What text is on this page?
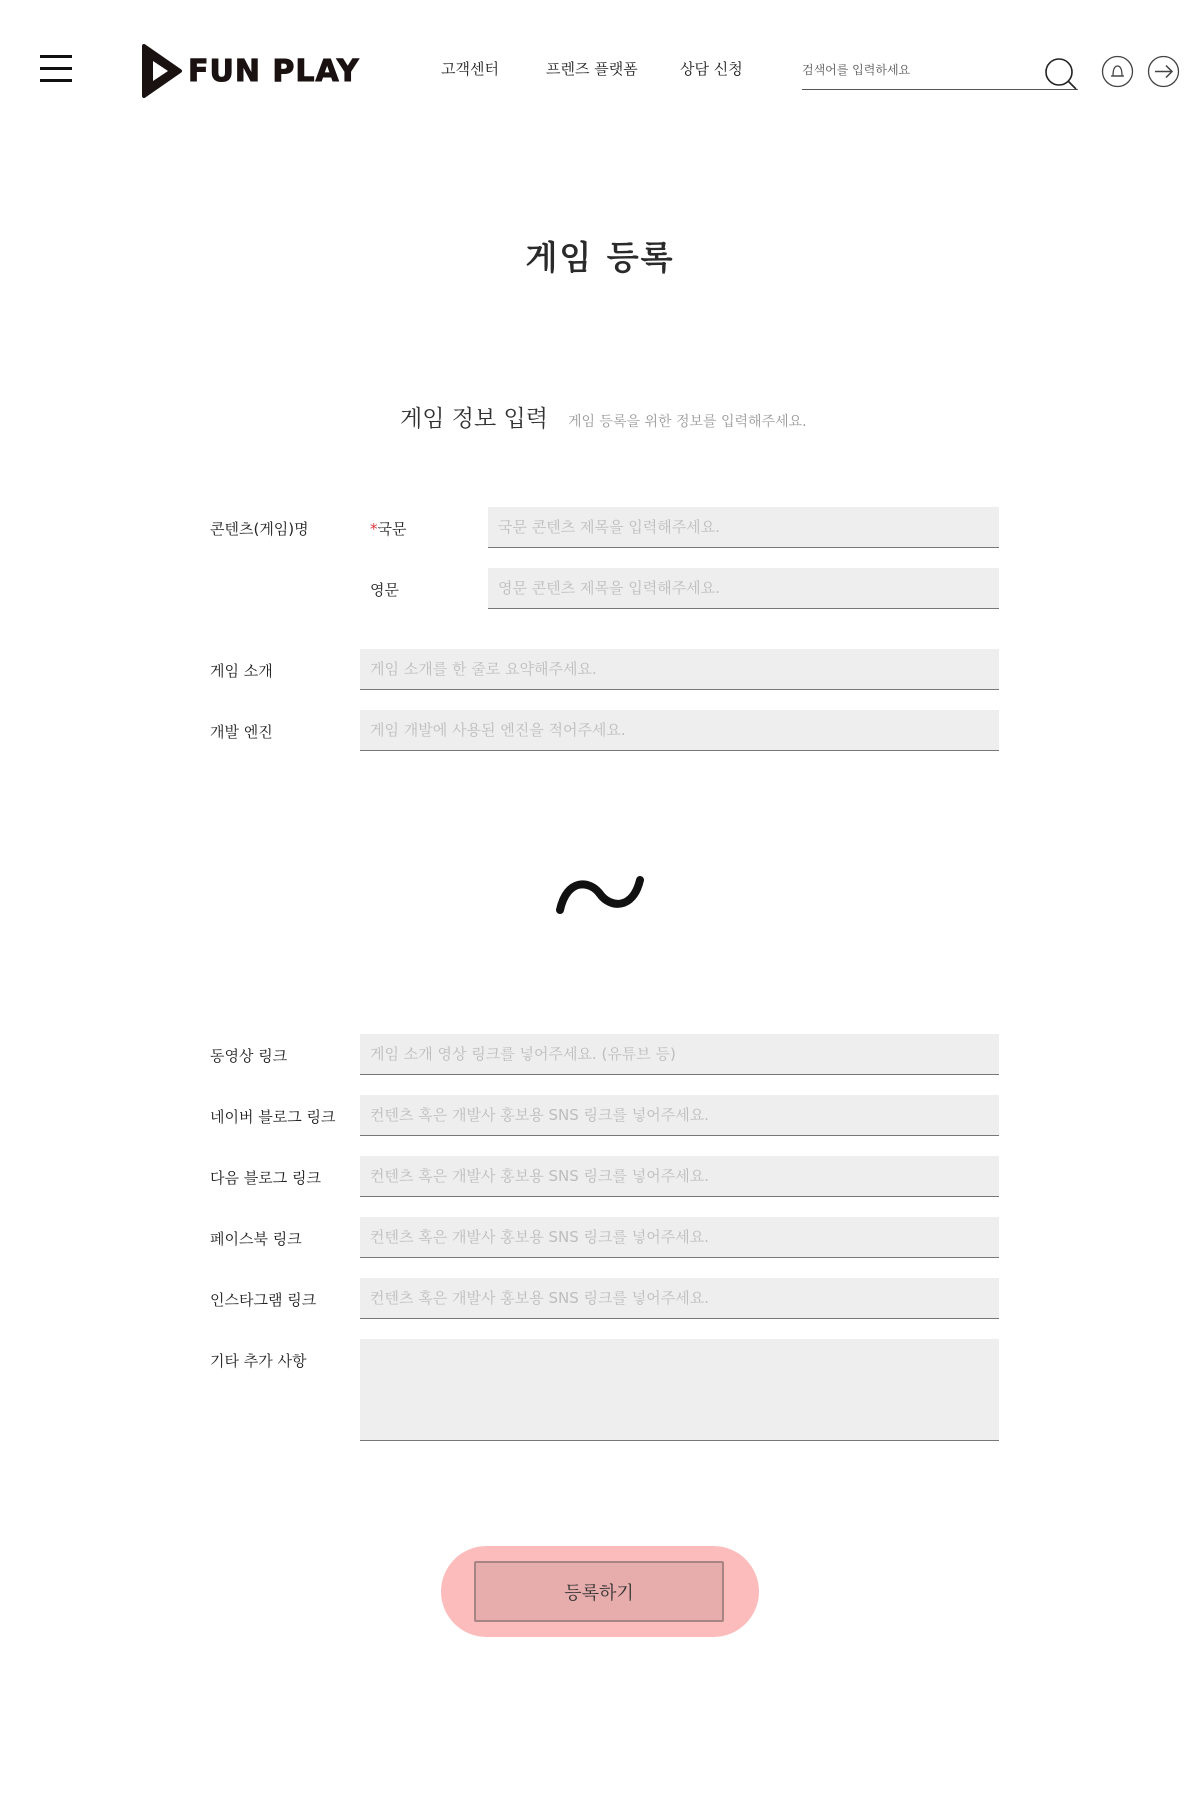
FUN PLAY	고객센터	프렌즈 플랫폼	상담 신청
검색어를 입력하세요
게임 등록
게임 정보 입력 게임 등록을 위한 정보를 입력해주세요.
콘텐츠(게임)명	*국문
국문 콘텐츠 제목을 입력해주세요.
영문
영문 콘텐츠 제목을 입력해주세요.
게임 소개
게임 소개를 한 줄로 요약해주세요.
개발 엔진
게임 개발에 사용된 엔진을 적어주세요.
동영상 링크
게임 소개 영상 링크를 넣어주세요. (유튜브 등)
네이버 블로그 링크
컨텐츠 혹은 개발사 홍보용 SNS 링크를 넣어주세요.
다음 블로그 링크
컨텐츠 혹은 개발사 홍보용 SNS 링크를 넣어주세요.
페이스북 링크
컨텐츠 혹은 개발사 홍보용 SNS 링크를 넣어주세요.
인스타그램 링크
컨텐츠 혹은 개발사 홍보용 SNS 링크를 넣어주세요.
기타 추가 사항
등록하기
